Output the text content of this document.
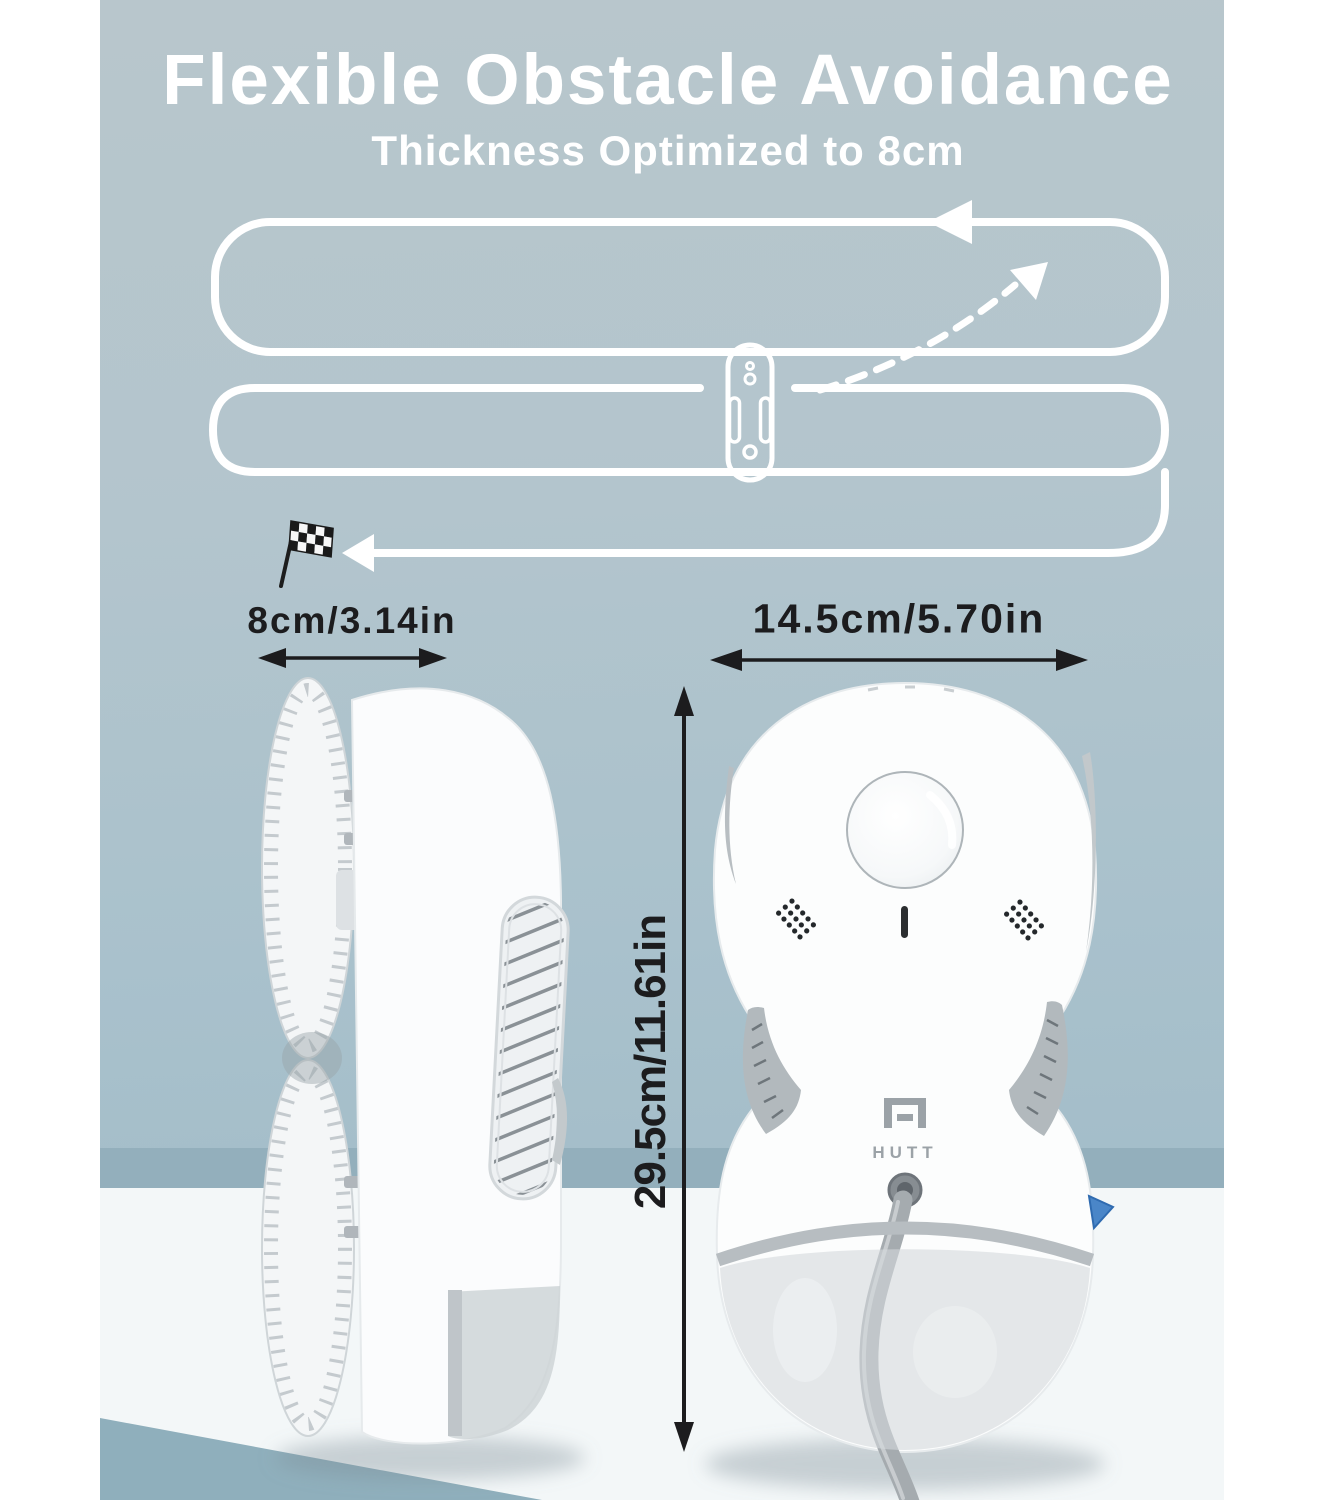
HUTT
Flexible Obstacle Avoidance
Thickness Optimized to 8cm
8cm/3.14in	14.5cm/5.70in
29.5cm/11.61in
